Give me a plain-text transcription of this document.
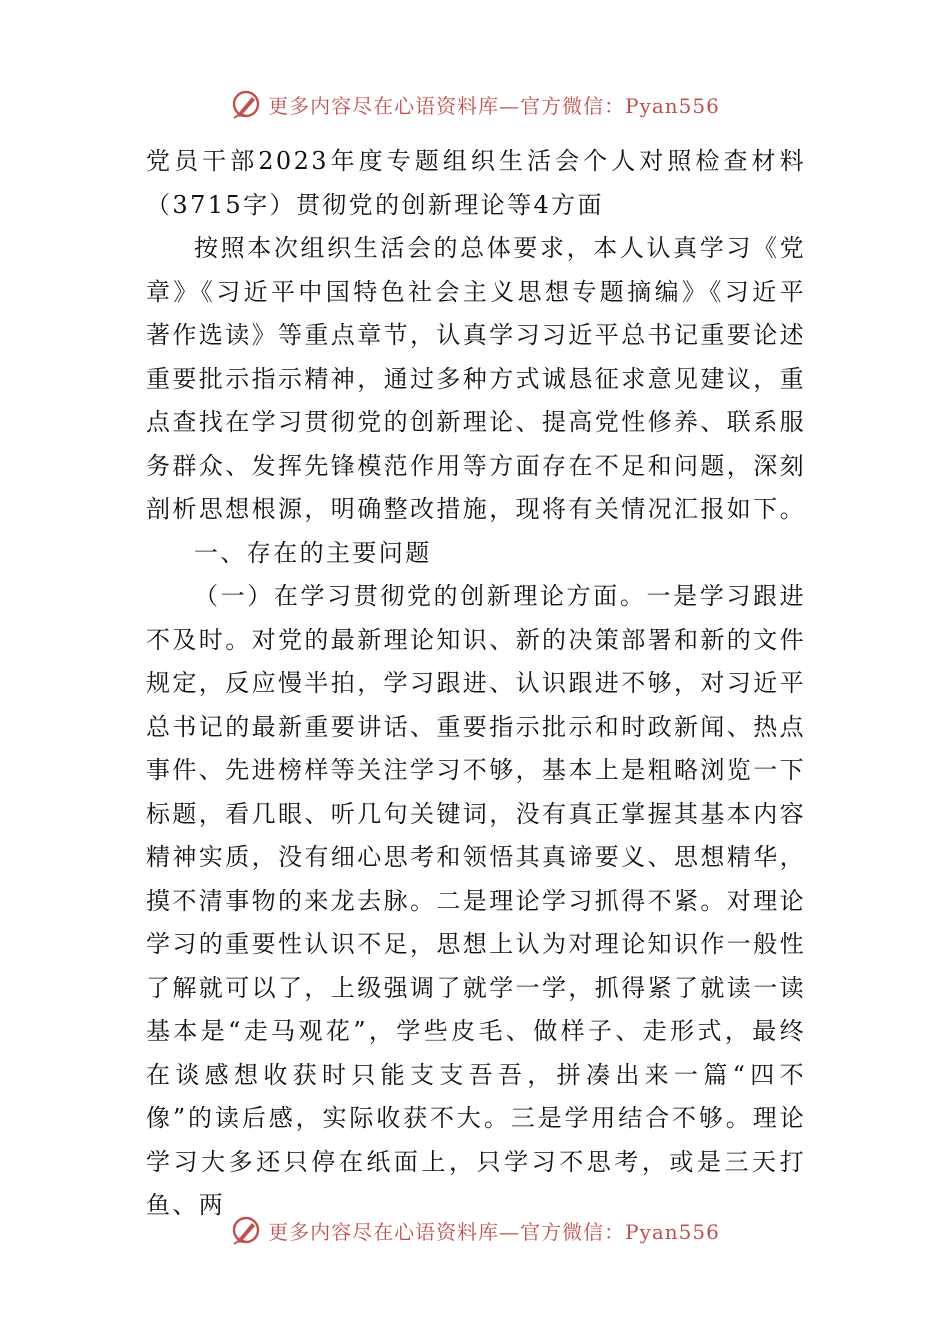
更多内容尽在心语资料库—官方微信：Pyan556

党员干部2023年度专题组织生活会个人对照检查材料（3715字）贯彻党的创新理论等4方面

按照本次组织生活会的总体要求，本人认真学习《党章》《习近平中国特色社会主义思想专题摘编》《习近平著作选读》等重点章节，认真学习习近平总书记重要论述重要批示指示精神，通过多种方式诚恳征求意见建议，重点查找在学习贯彻党的创新理论、提高党性修养、联系服务群众、发挥先锋模范作用等方面存在不足和问题，深刻剖析思想根源，明确整改措施，现将有关情况汇报如下。

一、存在的主要问题

（一）在学习贯彻党的创新理论方面。一是学习跟进不及时。对党的最新理论知识、新的决策部署和新的文件规定，反应慢半拍，学习跟进、认识跟进不够，对习近平总书记的最新重要讲话、重要指示批示和时政新闻、热点事件、先进榜样等关注学习不够，基本上是粗略浏览一下标题，看几眼、听几句关键词，没有真正掌握其基本内容精神实质，没有细心思考和领悟其真谛要义、思想精华，摸不清事物的来龙去脉。二是理论学习抓得不紧。对理论学习的重要性认识不足，思想上认为对理论知识作一般性了解就可以了，上级强调了就学一学，抓得紧了就读一读基本是“走马观花”，学些皮毛、做样子、走形式，最终在谈感想收获时只能支支吾吾，拼凑出来一篇“四不像”的读后感，实际收获不大。三是学用结合不够。理论学习大多还只停在纸面上，只学习不思考，或是三天打鱼、两

更多内容尽在心语资料库—官方微信：Pyan556
